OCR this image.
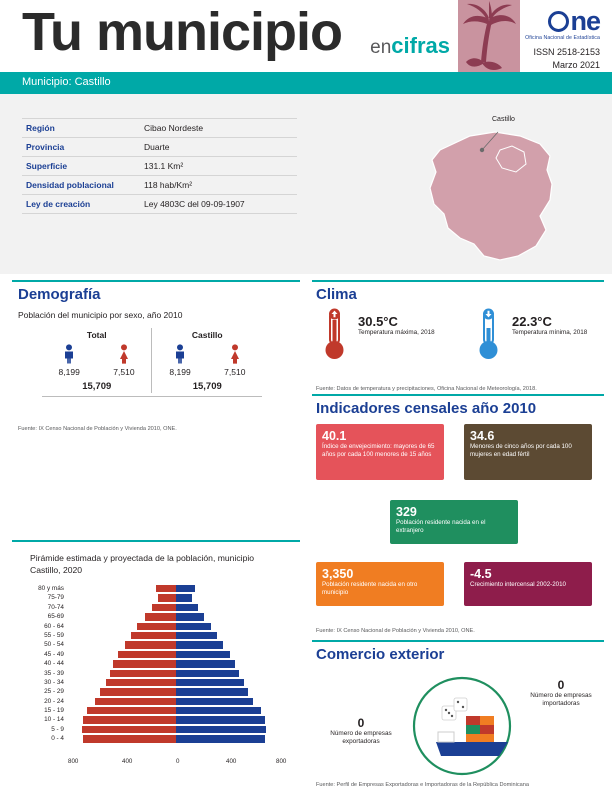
Tu municipio	encifras
ne
Oficina Nacional de Estadística
ISSN 2518-2153
Marzo 2021
Municipio: Castillo
Región	Cibao Nordeste
Provincia	Duarte
Superficie	131.1 Km²
Densidad poblacional	118 hab/Km²
Ley de creación	Ley 4803C del 09-09-1907
Castillo
Demografía
Población del municipio por sexo, año 2010
Total		Castillo	

8,199	7,510	8,199	7,510
15,709		15,709	
Fuente: IX Censo Nacional de Población y Vivienda 2010, ONE.
Pirámide estimada y proyectada de la población, municipio Castillo, 2020
80 y más
75-79
70-74
65-69
60 - 64
55 - 59
50 - 54
45 - 49
40 - 44
35 - 39
30 - 34
25 - 29
20 - 24
15 - 19
10 - 14
5 - 9
0 - 4
800	400	0	400	800
Clima
30.5°C
Temperatura máxima, 2018
22.3°C
Temperatura mínima, 2018
Fuente: Datos de temperatura y precipitaciones, Oficina Nacional de Meteorología, 2018.
Indicadores censales año 2010
40.1
Índice de envejecimiento: mayores de 65 años por cada 100 menores de 15 años
34.6
Menores de cinco años por cada 100 mujeres en edad fértil
329
Población residente nacida en el extranjero
3,350
Población residente nacida en otro municipio
-4.5
Crecimiento intercensal 2002-2010
Fuente: IX Censo Nacional de Población y Vivienda 2010, ONE.
Comercio exterior
0
Número de empresas exportadoras
0
Número de empresas importadoras
Fuente: Perfil de Empresas Exportadoras e Importadoras de la República Dominicana
